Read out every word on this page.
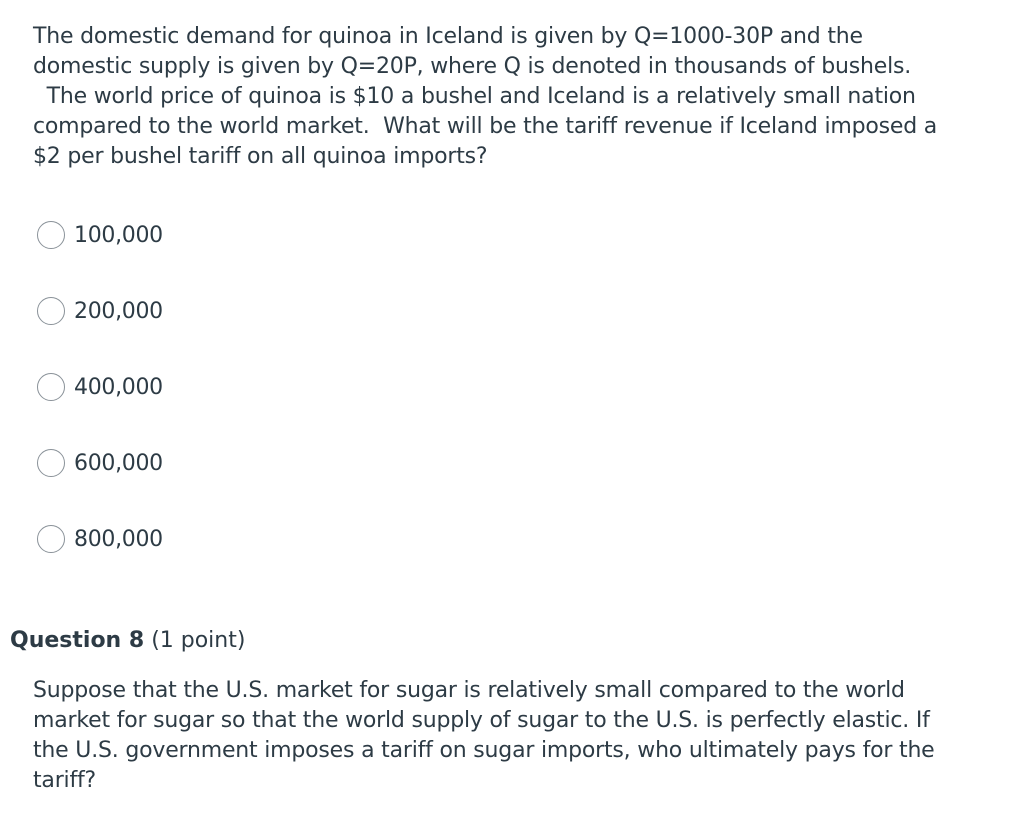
The domestic demand for quinoa in Iceland is given by Q=1000-30P and the
domestic supply is given by Q=20P, where Q is denoted in thousands of bushels.
The world price of quinoa is $10 a bushel and Iceland is a relatively small nation
compared to the world market.  What will be the tariff revenue if Iceland imposed a
$2 per bushel tariff on all quinoa imports?
100,000
200,000
400,000
600,000
800,000
Question 8 (1 point)
Suppose that the U.S. market for sugar is relatively small compared to the world
market for sugar so that the world supply of sugar to the U.S. is perfectly elastic. If
the U.S. government imposes a tariff on sugar imports, who ultimately pays for the
tariff?
